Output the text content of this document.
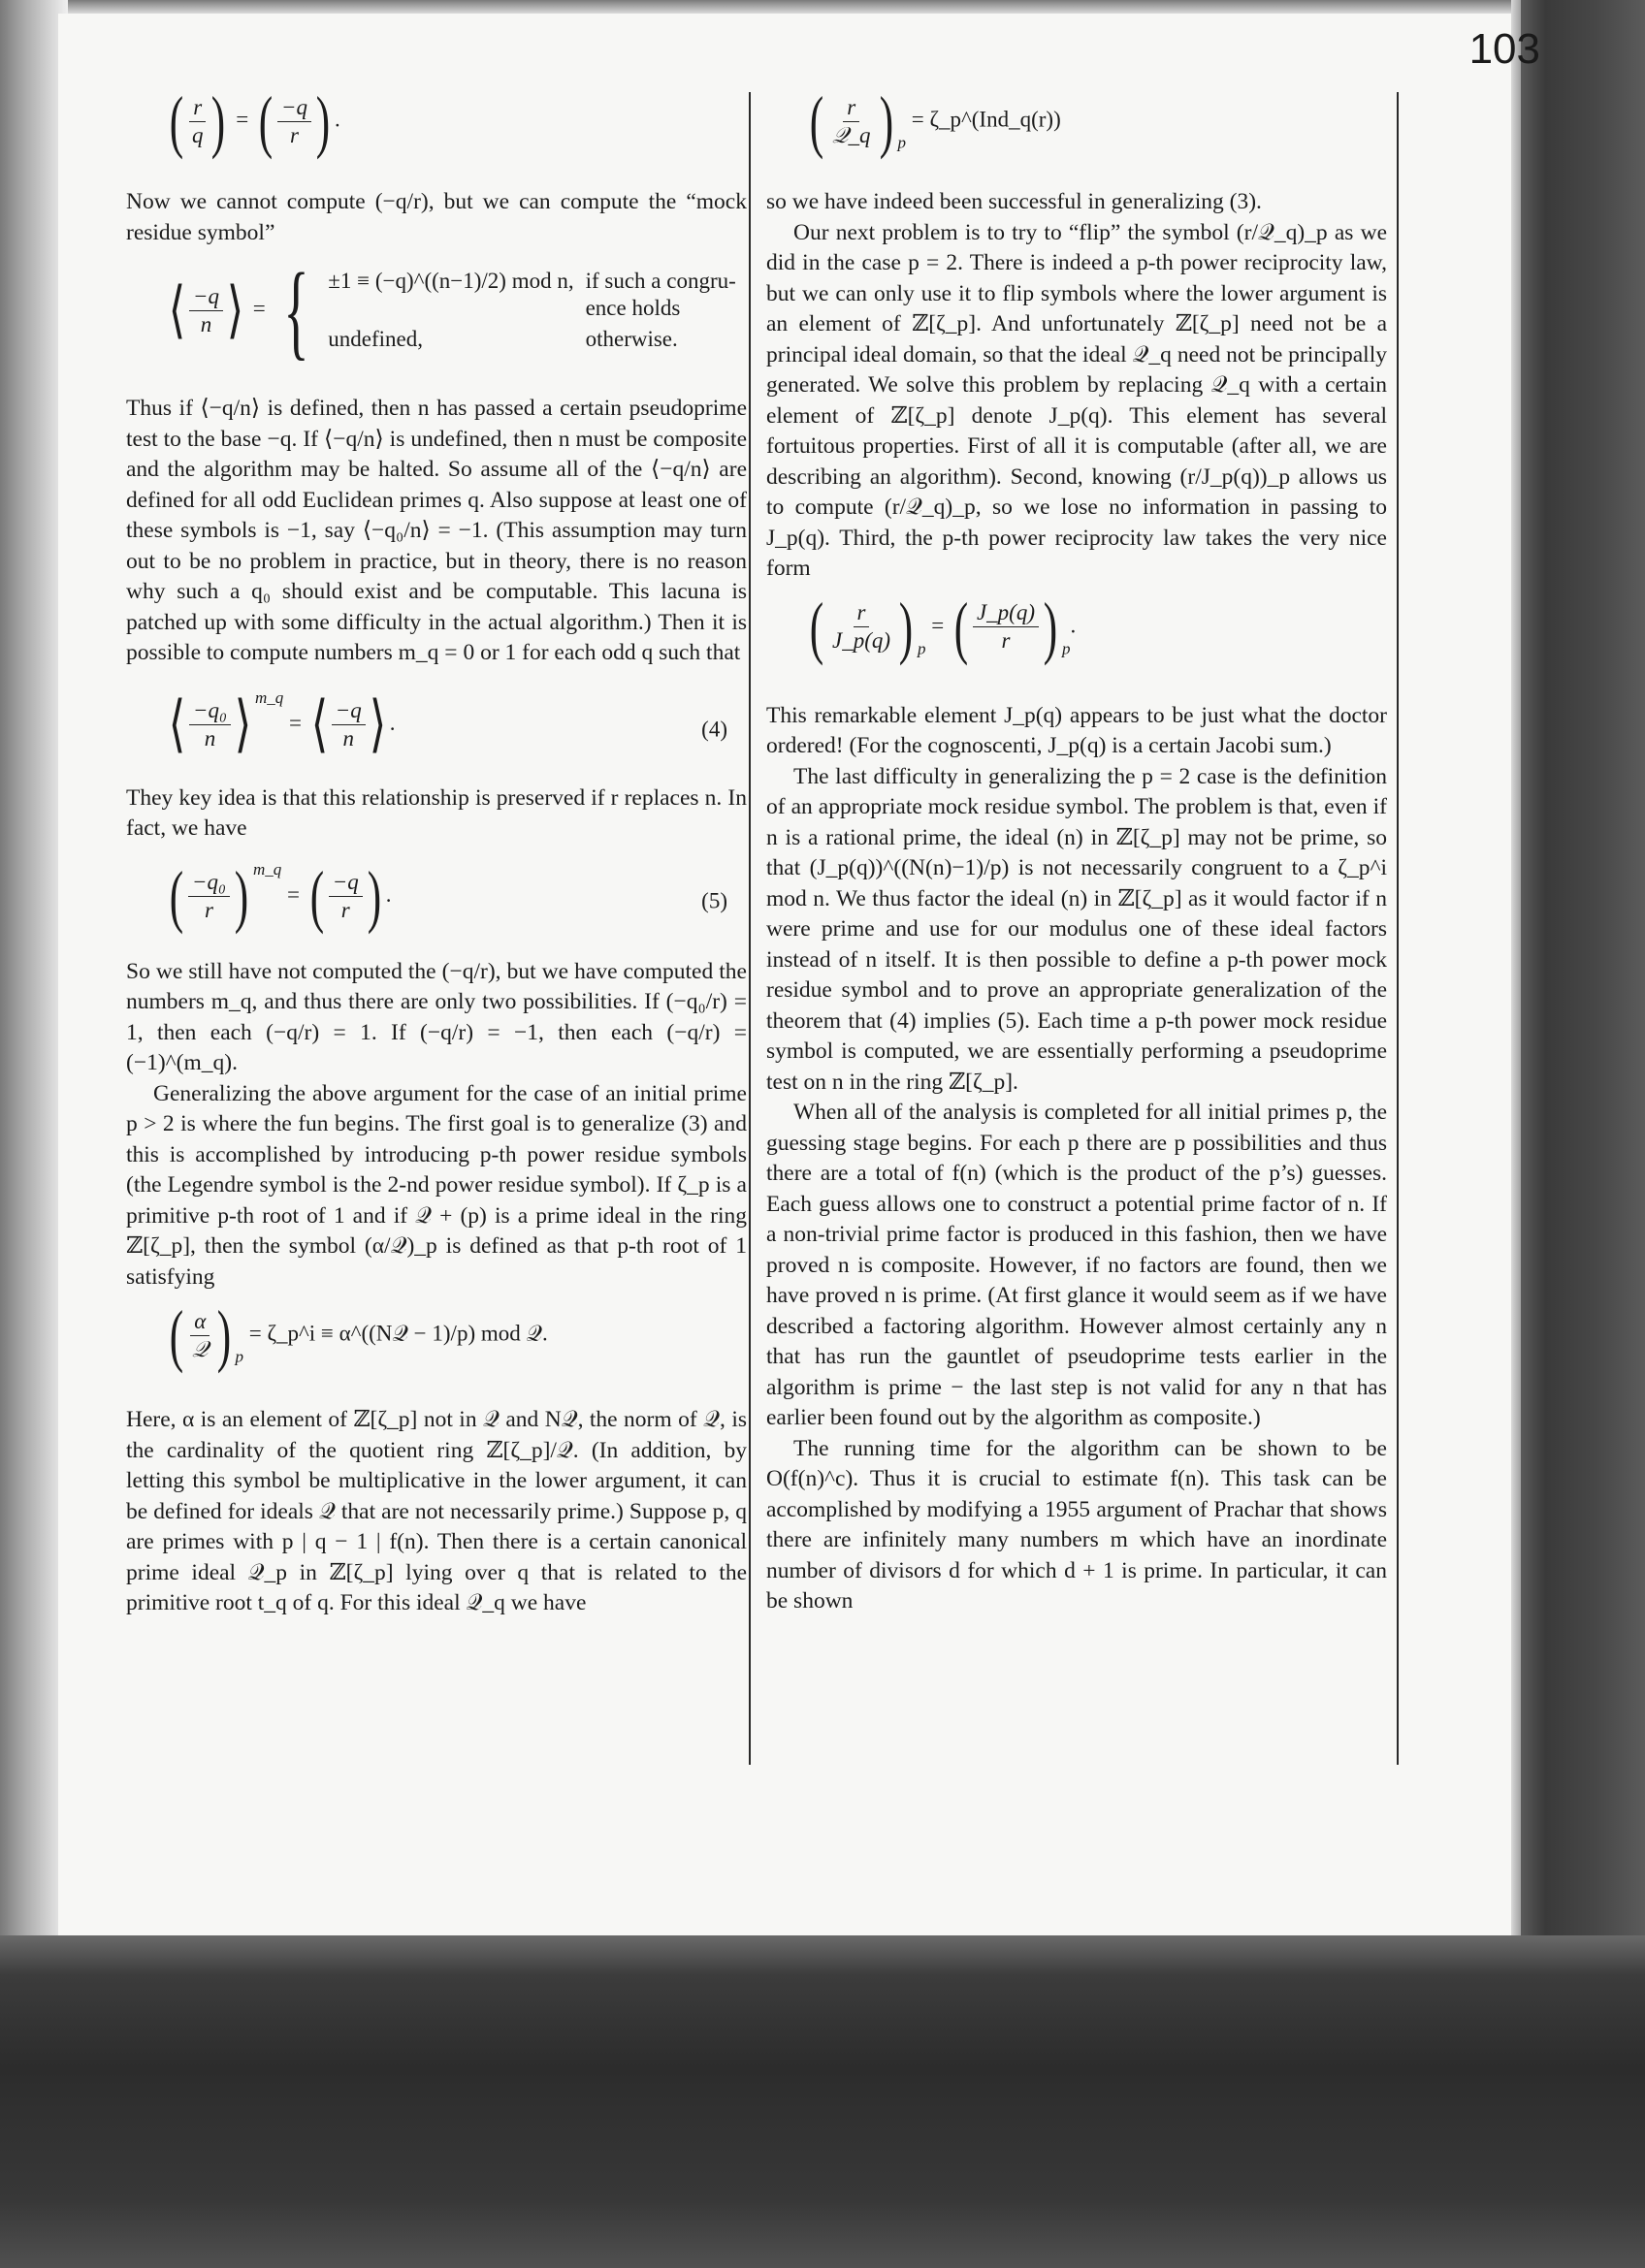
103

( $\frac{r}{q}$ ) = ( $\frac{-q}{r}$ ) .

Now we cannot compute (−q/r), but we can compute the “mock residue symbol”

⟨ $\frac{-q}{n}$ ⟩ = { ±1 ≡ (−q)^((n−1)/2) mod n,	if such a congru-
ence holds
undefined,	otherwise.

Thus if ⟨−q/n⟩ is defined, then n has passed a certain pseudoprime test to the base −q. If ⟨−q/n⟩ is undefined, then n must be composite and the algorithm may be halted. So assume all of the ⟨−q/n⟩ are defined for all odd Euclidean primes q. Also suppose at least one of these symbols is −1, say ⟨−q₀/n⟩ = −1. (This assumption may turn out to be no problem in practice, but in theory, there is no reason why such a q₀ should exist and be computable. This lacuna is patched up with some difficulty in the actual algorithm.) Then it is possible to compute numbers m_q = 0 or 1 for each odd q such that

⟨ $\frac{\text{−q₀}}{n}$ ⟩ $^{m\_q}$ = ⟨ $\frac{-q}{n}$ ⟩ .	(4)

They key idea is that this relationship is preserved if r replaces n. In fact, we have

( $\frac{\text{−q₀}}{r}$ ) $^{m\_q}$ = ( $\frac{-q}{r}$ ) .	(5)

So we still have not computed the (−q/r), but we have computed the numbers m_q, and thus there are only two possibilities. If (−q₀/r) = 1, then each (−q/r) = 1. If (−q/r) = −1, then each (−q/r) = (−1)^(m_q).

Generalizing the above argument for the case of an initial prime p > 2 is where the fun begins. The first goal is to generalize (3) and this is accomplished by introducing p-th power residue symbols (the Legendre symbol is the 2-nd power residue symbol). If ζ_p is a primitive p-th root of 1 and if 𝒬 + (p) is a prime ideal in the ring ℤ[ζ_p], then the symbol (α/𝒬)_p is defined as that p-th root of 1 satisfying

( $\frac{\alpha}{\text{𝒬}}$ ) $_p$ = ζ_p^i ≡ α^((N𝒬 − 1)/p) mod 𝒬.

Here, α is an element of ℤ[ζ_p] not in 𝒬 and N𝒬, the norm of 𝒬, is the cardinality of the quotient ring ℤ[ζ_p]/𝒬. (In addition, by letting this symbol be multiplicative in the lower argument, it can be defined for ideals 𝒬 that are not necessarily prime.) Suppose p, q are primes with p | q − 1 | f(n). Then there is a certain canonical prime ideal 𝒬_p in ℤ[ζ_p] lying over q that is related to the primitive root t_q of q. For this ideal 𝒬_q we have

( $\frac{r}{\text{𝒬\_q}}$ ) $_p$ = ζ_p^(Ind_q(r))

so we have indeed been successful in generalizing (3).

Our next problem is to try to “flip” the symbol (r/𝒬_q)_p as we did in the case p = 2. There is indeed a p-th power reciprocity law, but we can only use it to flip symbols where the lower argument is an element of ℤ[ζ_p]. And unfortunately ℤ[ζ_p] need not be a principal ideal domain, so that the ideal 𝒬_q need not be principally generated. We solve this problem by replacing 𝒬_q with a certain element of ℤ[ζ_p] denote J_p(q). This element has several fortuitous properties. First of all it is computable (after all, we are describing an algorithm). Second, knowing (r/J_p(q))_p allows us to compute (r/𝒬_q)_p, so we lose no information in passing to J_p(q). Third, the p-th power reciprocity law takes the very nice form

( $\frac{r}{J\_p(q)}$ ) $_p$ = ( $\frac{J\_p(q)}{r}$ ) $_p$.

This remarkable element J_p(q) appears to be just what the doctor ordered! (For the cognoscenti, J_p(q) is a certain Jacobi sum.)

The last difficulty in generalizing the p = 2 case is the definition of an appropriate mock residue symbol. The problem is that, even if n is a rational prime, the ideal (n) in ℤ[ζ_p] may not be prime, so that (J_p(q))^((N(n)−1)/p) is not necessarily congruent to a ζ_p^i mod n. We thus factor the ideal (n) in ℤ[ζ_p] as it would factor if n were prime and use for our modulus one of these ideal factors instead of n itself. It is then possible to define a p-th power mock residue symbol and to prove an appropriate generalization of the theorem that (4) implies (5). Each time a p-th power mock residue symbol is computed, we are essentially performing a pseudoprime test on n in the ring ℤ[ζ_p].

When all of the analysis is completed for all initial primes p, the guessing stage begins. For each p there are p possibilities and thus there are a total of f(n) (which is the product of the p’s) guesses. Each guess allows one to construct a potential prime factor of n. If a non-trivial prime factor is produced in this fashion, then we have proved n is composite. However, if no factors are found, then we have proved n is prime. (At first glance it would seem as if we have described a factoring algorithm. However almost certainly any n that has run the gauntlet of pseudoprime tests earlier in the algorithm is prime − the last step is not valid for any n that has earlier been found out by the algorithm as composite.)

The running time for the algorithm can be shown to be O(f(n)^c). Thus it is crucial to estimate f(n). This task can be accomplished by modifying a 1955 argument of Prachar that shows there are infinitely many numbers m which have an inordinate number of divisors d for which d + 1 is prime. In particular, it can be shown
